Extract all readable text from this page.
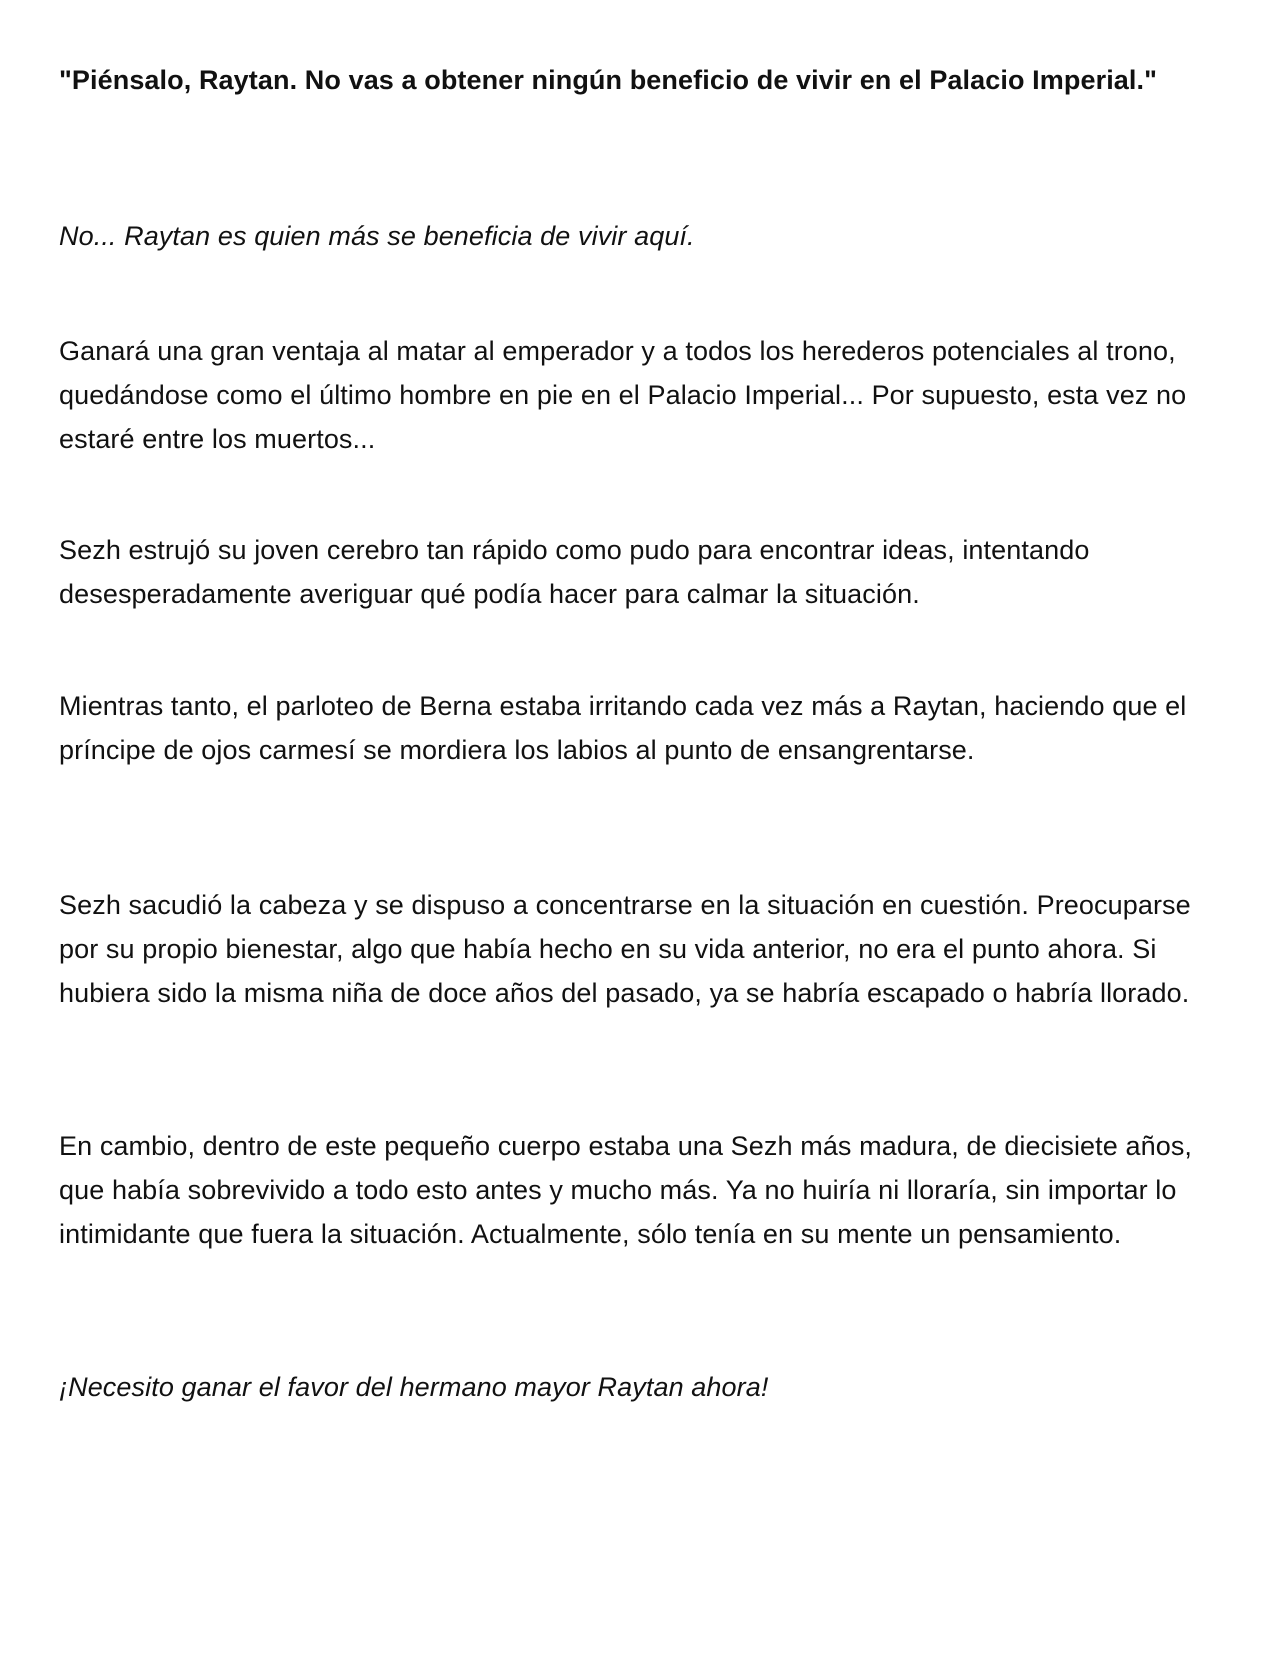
"Piénsalo, Raytan. No vas a obtener ningún beneficio de vivir en el Palacio Imperial."

No... Raytan es quien más se beneficia de vivir aquí.

Ganará una gran ventaja al matar al emperador y a todos los herederos potenciales al trono, quedándose como el último hombre en pie en el Palacio Imperial... Por supuesto, esta vez no estaré entre los muertos...

Sezh estrujó su joven cerebro tan rápido como pudo para encontrar ideas, intentando desesperadamente averiguar qué podía hacer para calmar la situación.

Mientras tanto, el parloteo de Berna estaba irritando cada vez más a Raytan, haciendo que el príncipe de ojos carmesí se mordiera los labios al punto de ensangrentarse.

Sezh sacudió la cabeza y se dispuso a concentrarse en la situación en cuestión. Preocuparse por su propio bienestar, algo que había hecho en su vida anterior, no era el punto ahora. Si hubiera sido la misma niña de doce años del pasado, ya se habría escapado o habría llorado.

En cambio, dentro de este pequeño cuerpo estaba una Sezh más madura, de diecisiete años, que había sobrevivido a todo esto antes y mucho más. Ya no huiría ni lloraría, sin importar lo intimidante que fuera la situación. Actualmente, sólo tenía en su mente un pensamiento.

¡Necesito ganar el favor del hermano mayor Raytan ahora!
